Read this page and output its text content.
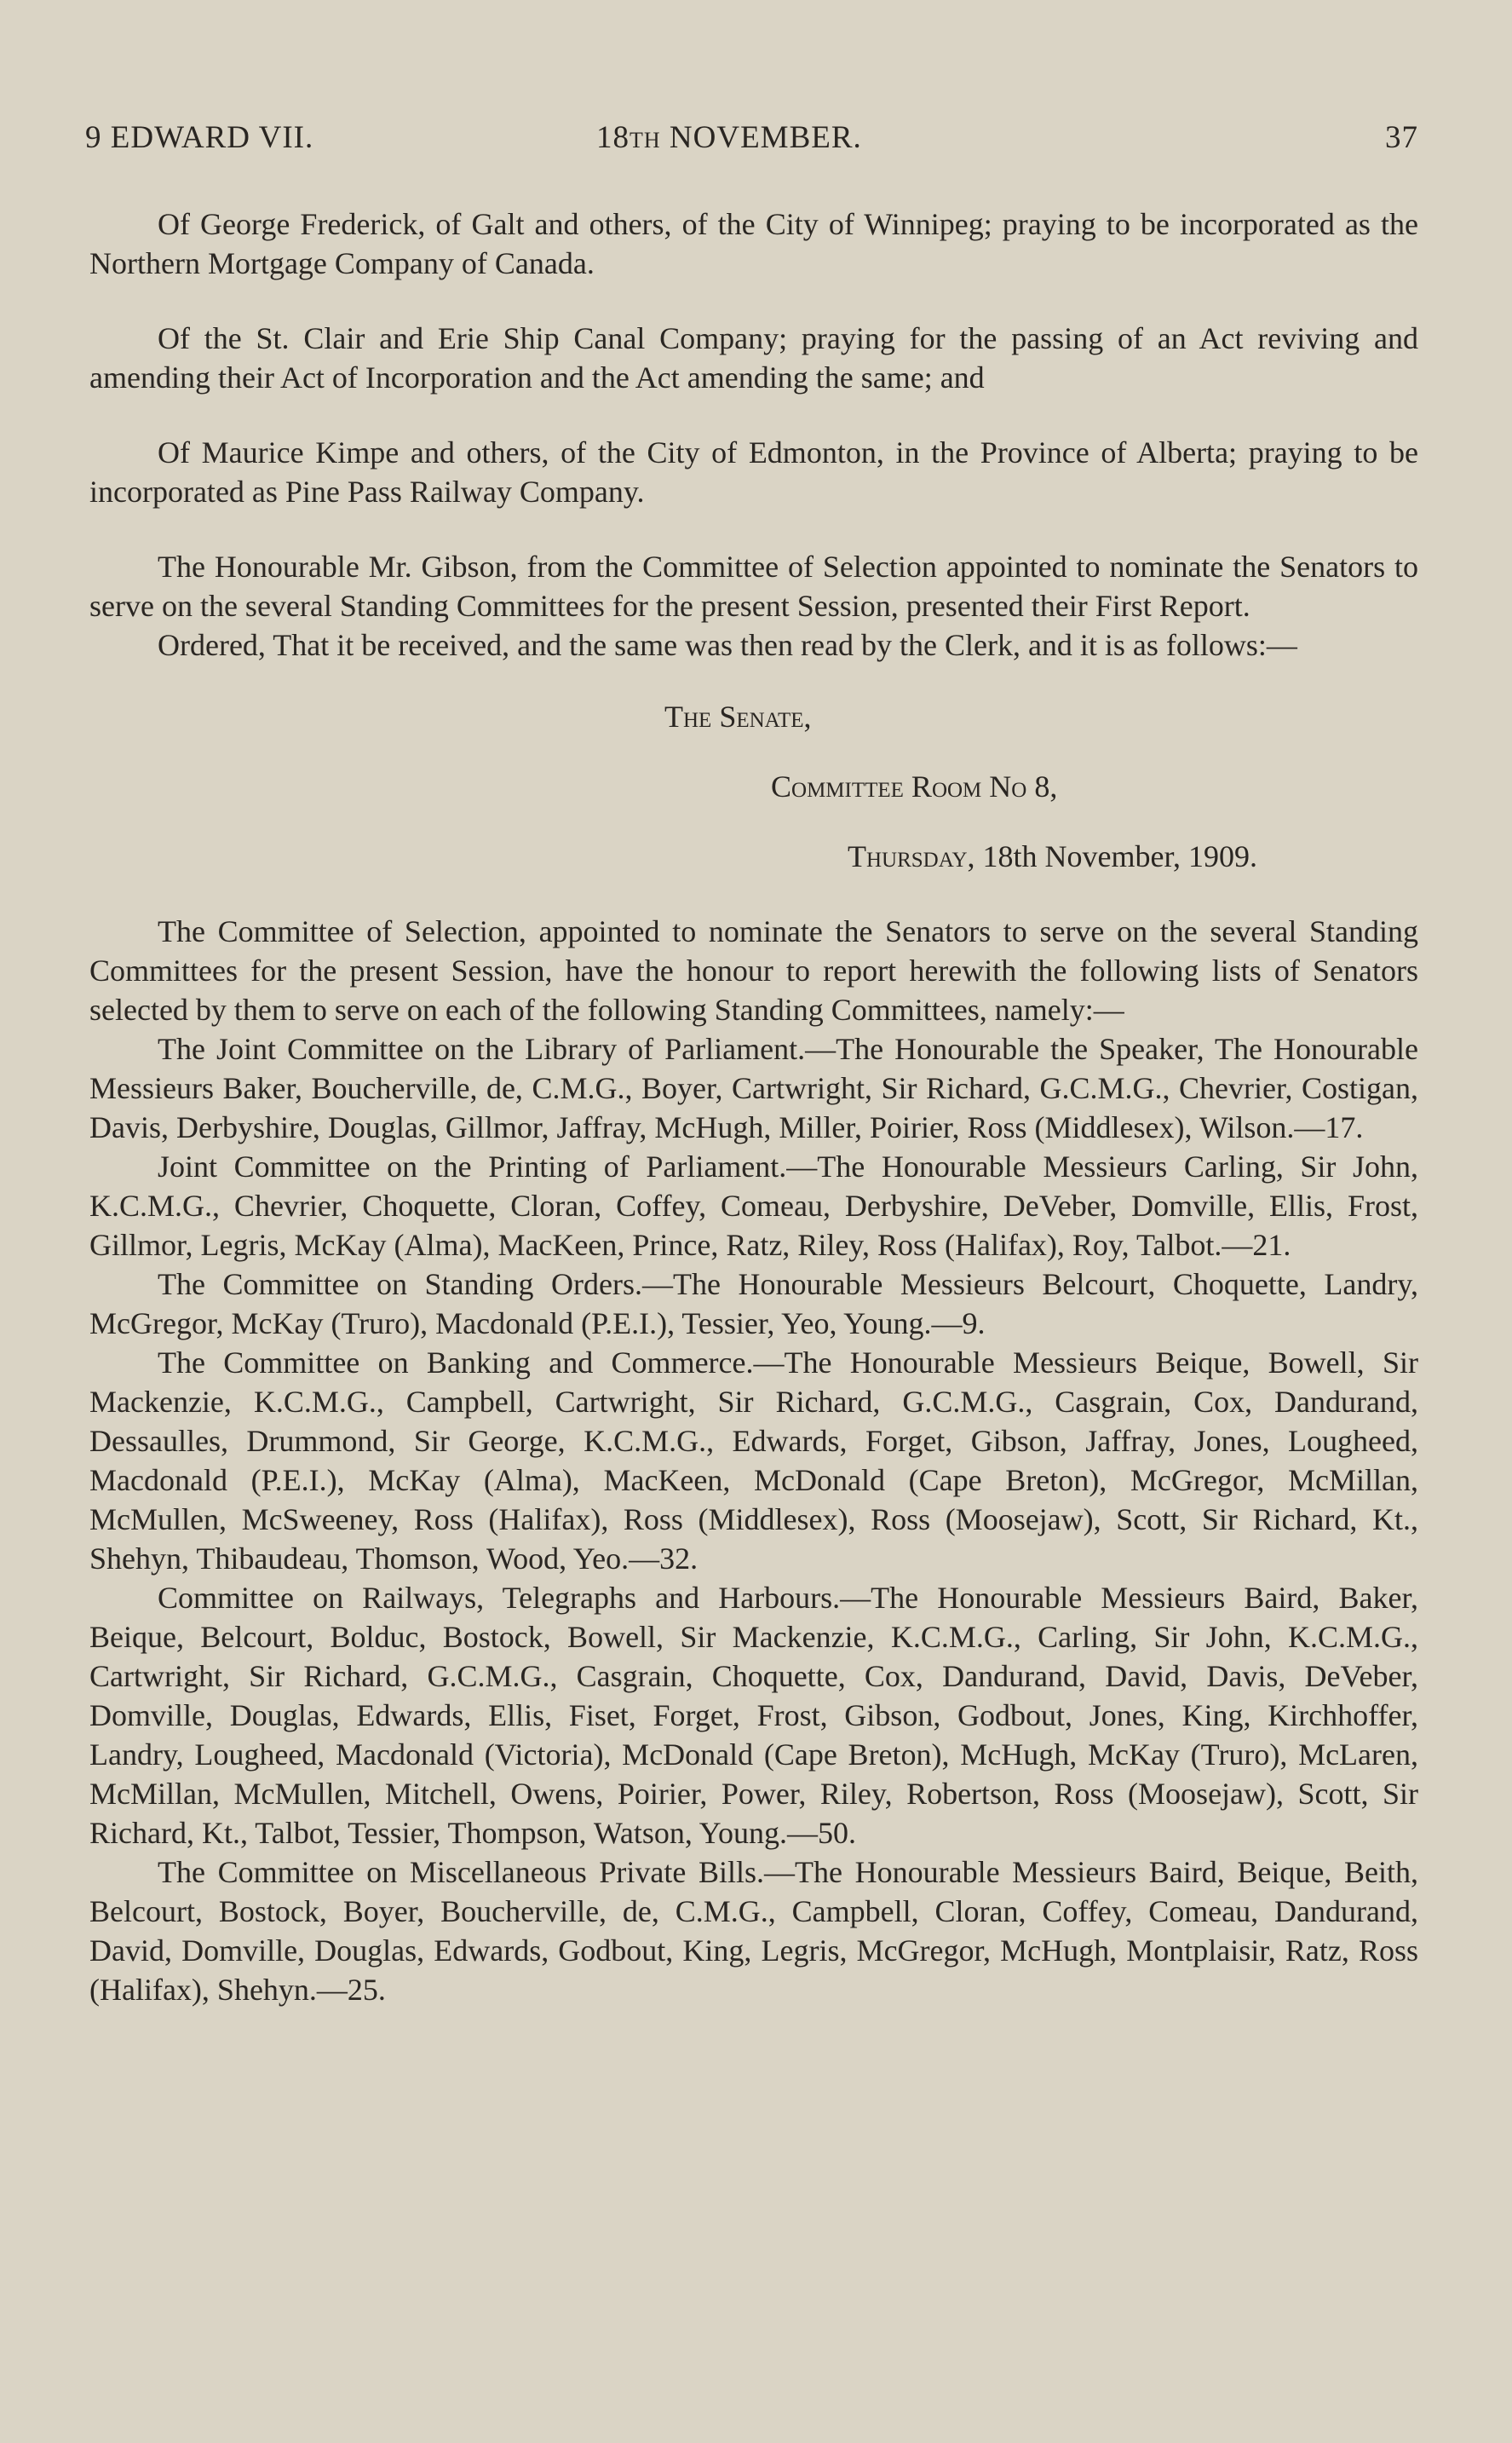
9 EDWARD VII.	18TH NOVEMBER.	37

Of George Frederick, of Galt and others, of the City of Winnipeg; praying to be incorporated as the Northern Mortgage Company of Canada.

Of the St. Clair and Erie Ship Canal Company; praying for the passing of an Act reviving and amending their Act of Incorporation and the Act amending the same; and

Of Maurice Kimpe and others, of the City of Edmonton, in the Province of Alberta; praying to be incorporated as Pine Pass Railway Company.

The Honourable Mr. Gibson, from the Committee of Selection appointed to nominate the Senators to serve on the several Standing Committees for the present Session, presented their First Report.

Ordered, That it be received, and the same was then read by the Clerk, and it is as follows:—

The Senate,

Committee Room No 8,

Thursday, 18th November, 1909.

The Committee of Selection, appointed to nominate the Senators to serve on the several Standing Committees for the present Session, have the honour to report herewith the following lists of Senators selected by them to serve on each of the following Standing Committees, namely:—

The Joint Committee on the Library of Parliament.—The Honourable the Speaker, The Honourable Messieurs Baker, Boucherville, de, C.M.G., Boyer, Cartwright, Sir Richard, G.C.M.G., Chevrier, Costigan, Davis, Derbyshire, Douglas, Gillmor, Jaffray, McHugh, Miller, Poirier, Ross (Middlesex), Wilson.—17.

Joint Committee on the Printing of Parliament.—The Honourable Messieurs Carling, Sir John, K.C.M.G., Chevrier, Choquette, Cloran, Coffey, Comeau, Derbyshire, DeVeber, Domville, Ellis, Frost, Gillmor, Legris, McKay (Alma), MacKeen, Prince, Ratz, Riley, Ross (Halifax), Roy, Talbot.—21.

The Committee on Standing Orders.—The Honourable Messieurs Belcourt, Choquette, Landry, McGregor, McKay (Truro), Macdonald (P.E.I.), Tessier, Yeo, Young.—9.

The Committee on Banking and Commerce.—The Honourable Messieurs Beique, Bowell, Sir Mackenzie, K.C.M.G., Campbell, Cartwright, Sir Richard, G.C.M.G., Casgrain, Cox, Dandurand, Dessaulles, Drummond, Sir George, K.C.M.G., Edwards, Forget, Gibson, Jaffray, Jones, Lougheed, Macdonald (P.E.I.), McKay (Alma), MacKeen, McDonald (Cape Breton), McGregor, McMillan, McMullen, McSweeney, Ross (Halifax), Ross (Middlesex), Ross (Moosejaw), Scott, Sir Richard, Kt., Shehyn, Thibaudeau, Thomson, Wood, Yeo.—32.

Committee on Railways, Telegraphs and Harbours.—The Honourable Messieurs Baird, Baker, Beique, Belcourt, Bolduc, Bostock, Bowell, Sir Mackenzie, K.C.M.G., Carling, Sir John, K.C.M.G., Cartwright, Sir Richard, G.C.M.G., Casgrain, Choquette, Cox, Dandurand, David, Davis, DeVeber, Domville, Douglas, Edwards, Ellis, Fiset, Forget, Frost, Gibson, Godbout, Jones, King, Kirchhoffer, Landry, Lougheed, Macdonald (Victoria), McDonald (Cape Breton), McHugh, McKay (Truro), McLaren, McMillan, McMullen, Mitchell, Owens, Poirier, Power, Riley, Robertson, Ross (Moosejaw), Scott, Sir Richard, Kt., Talbot, Tessier, Thompson, Watson, Young.—50.

The Committee on Miscellaneous Private Bills.—The Honourable Messieurs Baird, Beique, Beith, Belcourt, Bostock, Boyer, Boucherville, de, C.M.G., Campbell, Cloran, Coffey, Comeau, Dandurand, David, Domville, Douglas, Edwards, Godbout, King, Legris, McGregor, McHugh, Montplaisir, Ratz, Ross (Halifax), Shehyn.—25.
